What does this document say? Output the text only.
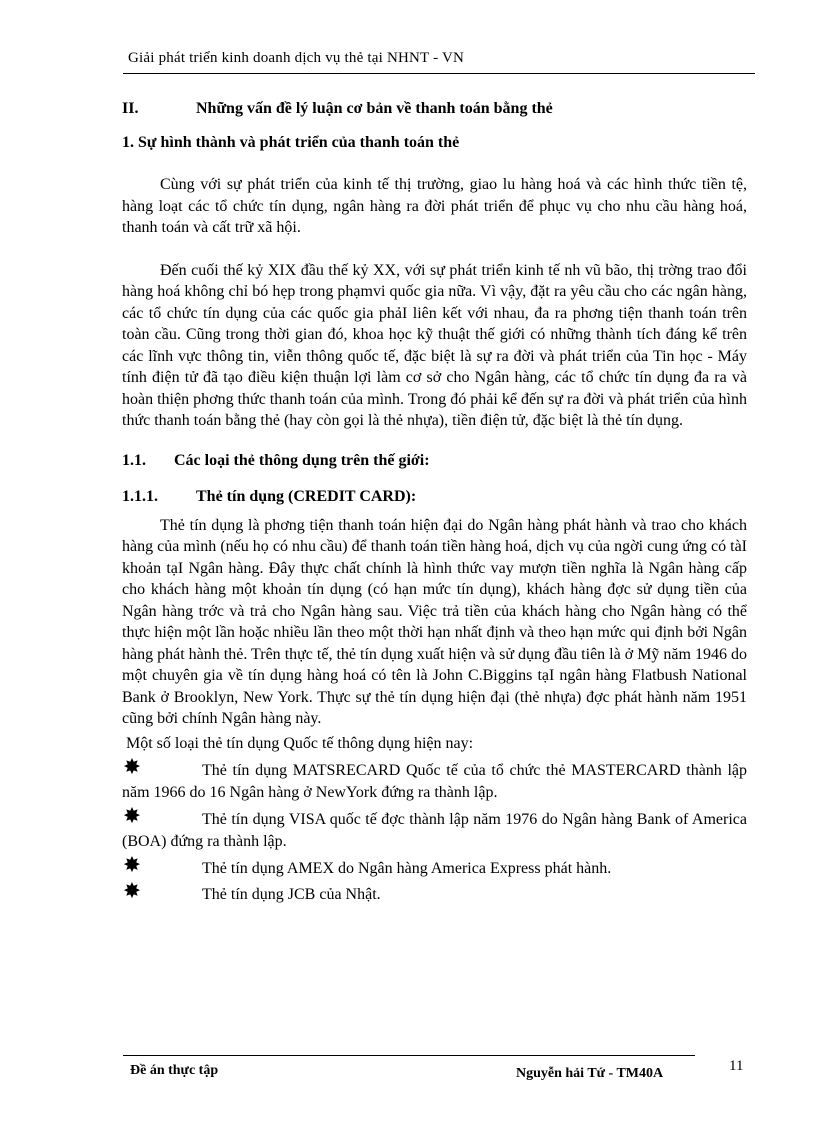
Giải phát triển kinh doanh dịch vụ thẻ tại NHNT - VN
II.	Những vấn đề lý luận cơ bản về thanh toán bằng thẻ
1. Sự hình thành và phát triển của thanh toán thẻ

Cùng với sự phát triển của kinh tế thị trường, giao lu hàng hoá và các hình thức tiền tệ, hàng loạt các tổ chức tín dụng, ngân hàng ra đời phát triển để phục vụ cho nhu cầu hàng hoá, thanh toán và cất trữ xã hội.

Đến cuối thế kỷ XIX đầu thế kỷ XX, với sự phát triển kinh tế nh vũ bão, thị trờng trao đổi hàng hoá không chỉ bó hẹp trong phạmvi quốc gia nữa. Vì vậy, đặt ra yêu cầu cho các ngân hàng, các tổ chức tín dụng của các quốc gia phảI liên kết với nhau, đa ra phơng tiện thanh toán trên toàn cầu. Cũng trong thời gian đó, khoa học kỹ thuật thế giới có những thành tích đáng kể trên các lĩnh vực thông tin, viễn thông quốc tế, đặc biệt là sự ra đời và phát triển của Tin học - Máy tính điện tử đã tạo điều kiện thuận lợi làm cơ sở cho Ngân hàng, các tổ chức tín dụng đa ra và hoàn thiện phơng thức thanh toán của mình. Trong đó phải kể đến sự ra đời và phát triển của hình thức thanh toán bằng thẻ (hay còn gọi là thẻ nhựa), tiền điện tử, đặc biệt là thẻ tín dụng.

1.1.	Các loại thẻ thông dụng trên thế giới:
1.1.1.	Thẻ tín dụng (CREDIT CARD):

Thẻ tín dụng là phơng tiện thanh toán hiện đại do Ngân hàng phát hành và trao cho khách hàng của mình (nếu họ có nhu cầu) để thanh toán tiền hàng hoá, dịch vụ của ngời cung ứng có tàI khoản tạI Ngân hàng. Đây thực chất chính là hình thức vay mượn tiền nghĩa là Ngân hàng cấp cho khách hàng một khoản tín dụng (có hạn mức tín dụng), khách hàng đợc sử dụng tiền của Ngân hàng trớc và trả cho Ngân hàng sau. Việc trả tiền của khách hàng cho Ngân hàng có thể thực hiện một lần hoặc nhiều lần theo một thời hạn nhất định và theo hạn mức qui định bởi Ngân hàng phát hành thẻ. Trên thực tế, thẻ tín dụng xuất hiện và sử dụng đầu tiên là ở Mỹ năm 1946 do một chuyên gia về tín dụng hàng hoá có tên là John C.Biggins tạI ngân hàng Flatbush National Bank ở Brooklyn, New York. Thực sự thẻ tín dụng hiện đại (thẻ nhựa) đợc phát hành năm 1951 cũng bởi chính Ngân hàng này.

Một số loại thẻ tín dụng Quốc tế thông dụng hiện nay:
✸	Thẻ tín dụng MATSRECARD Quốc tế của tổ chức thẻ MASTERCARD thành lập năm 1966 do 16 Ngân hàng ở NewYork đứng ra thành lập.
✸	Thẻ tín dụng VISA quốc tế đợc thành lập năm 1976 do Ngân hàng Bank of America (BOA) đứng ra thành lập.
✸	Thẻ tín dụng AMEX do Ngân hàng America Express phát hành.
✸	Thẻ tín dụng JCB của Nhật.
Đề án thực tập	Nguyễn hải Tứ - TM40A	11
